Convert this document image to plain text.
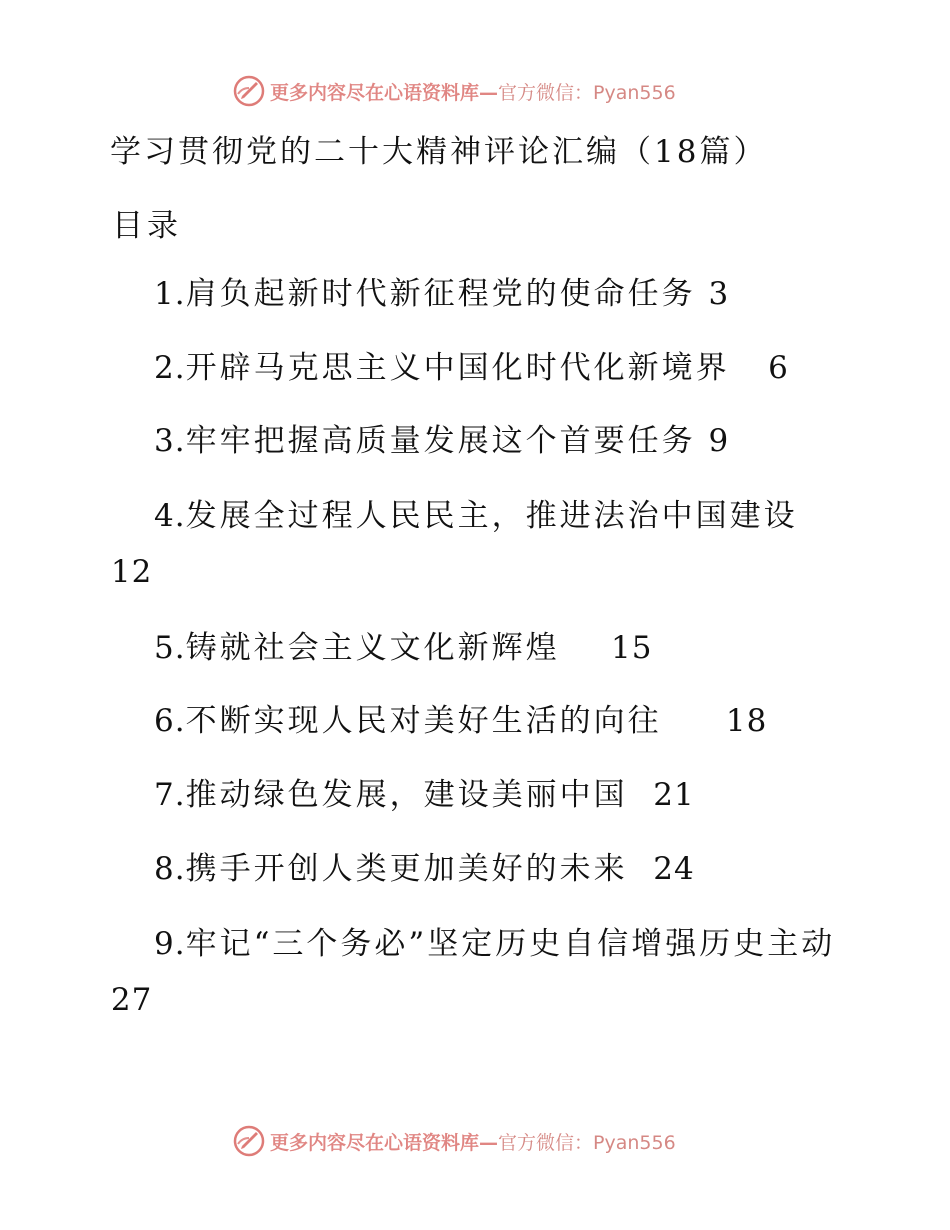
更多内容尽在心语资料库—官方微信：Pyan556
学习贯彻党的二十大精神评论汇编（18篇）
目录
1.肩负起新时代新征程党的使命任务 3
2.开辟马克思主义中国化时代化新境界 6
3.牢牢把握高质量发展这个首要任务 9
4.发展全过程人民民主，推进法治中国建设 12
5.铸就社会主义文化新辉煌 15
6.不断实现人民对美好生活的向往 18
7.推动绿色发展，建设美丽中国 21
8.携手开创人类更加美好的未来 24
9.牢记“三个务必”坚定历史自信增强历史主动 27
更多内容尽在心语资料库—官方微信：Pyan556
